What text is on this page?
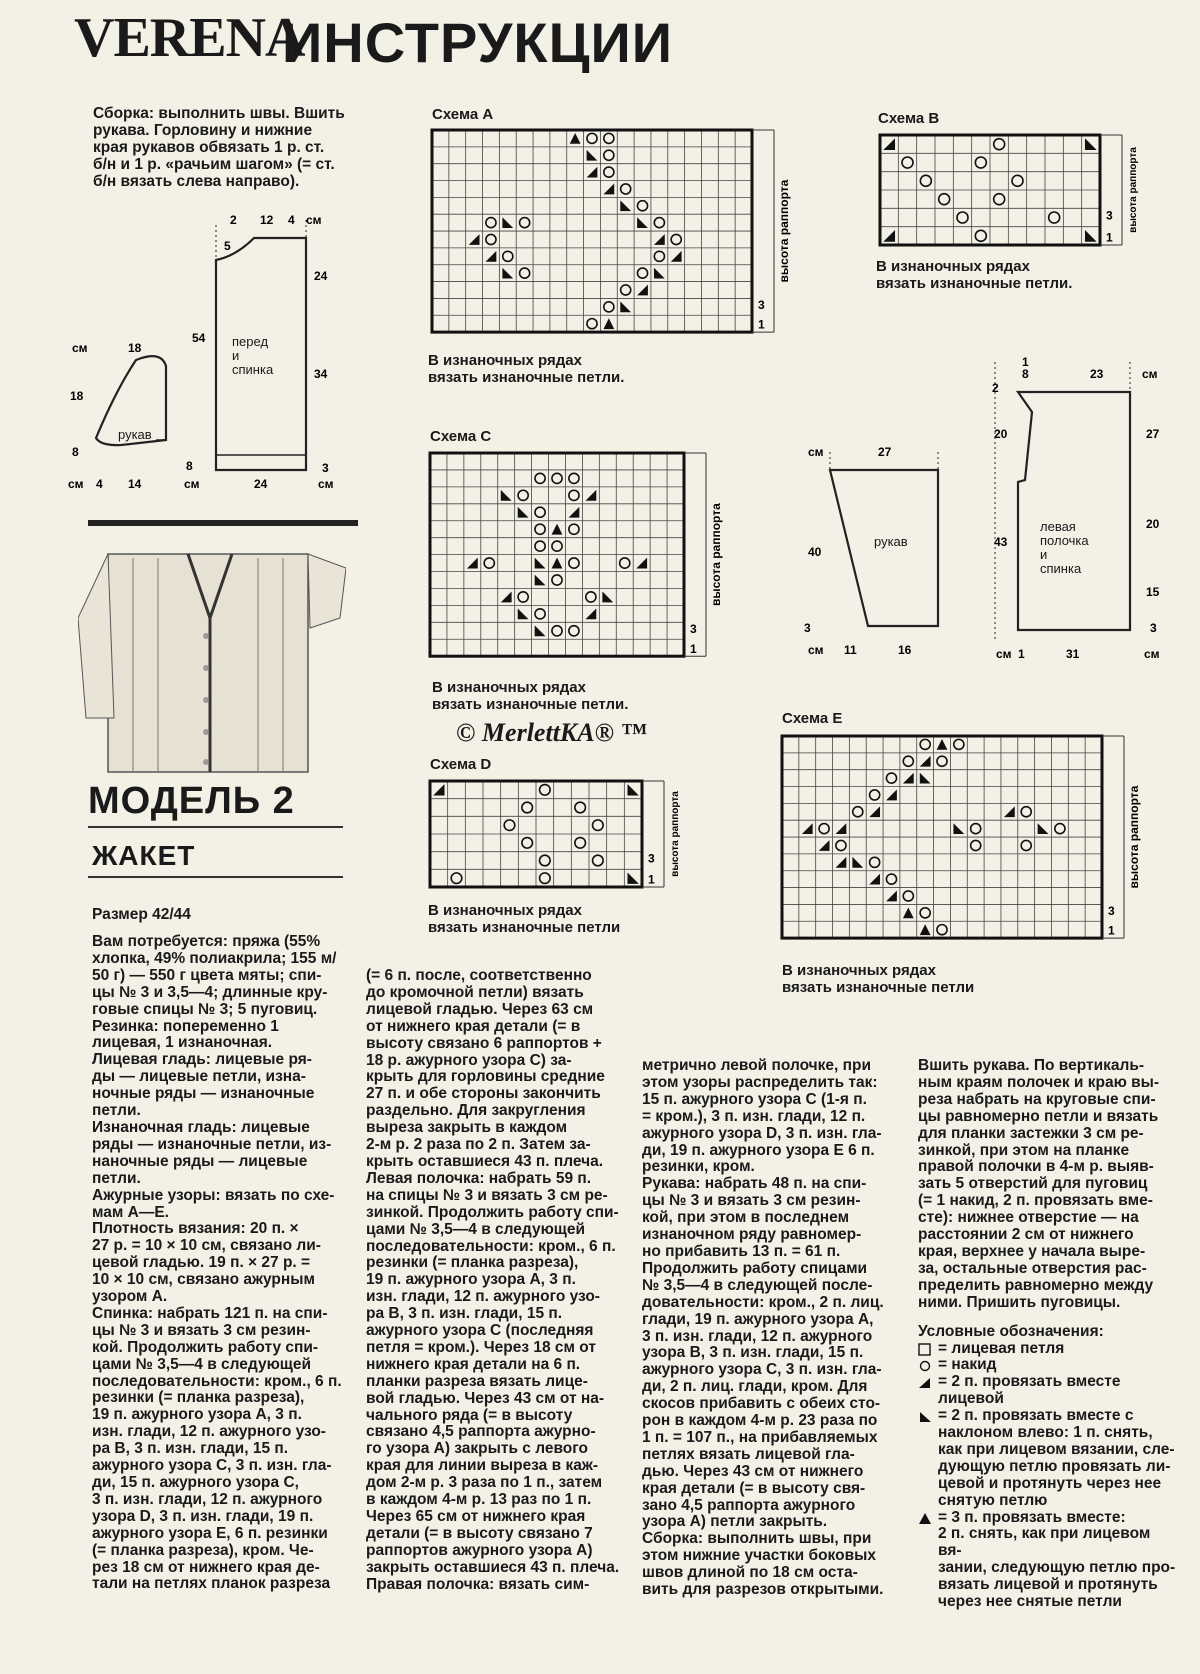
VERENA
ИНСТРУКЦИИ

Сборка: выполнить швы. Вшить
рукава. Горловину и нижние
края рукавов обвязать 1 р. ст.
б/н и 1 р. «рачьим шагом» (= ст.
б/н вязать слева направо).

2
5
8
12 4 см
24
54
34
3
18
см
18
8
см 4 14	см	24	см
перед
и
спинка
рукав
МОДЕЛЬ 2
ЖАКЕТ
Размер 42/44

Вам потребуется: пряжа (55%
хлопка, 49% полиакрила; 155 м/
50 г) — 550 г цвета мяты; спи-
цы № 3 и 3,5—4; длинные кру-
говые спицы № 3; 5 пуговиц.

Резинка: попеременно 1 лицевая, 1 изнаночная.

Лицевая гладь: лицевые ря-
ды — лицевые петли, изна-
ночные ряды — изнаночные
петли.

Изнаночная гладь: лицевые
ряды — изнаночные петли, из-
наночные ряды — лицевые
петли.

Ажурные узоры: вязать по схе-
мам A—E.

Плотность вязания: 20 п. ×
27 р. = 10 × 10 см, связано ли-
цевой гладью. 19 п. × 27 р. =
10 × 10 см, связано ажурным
узором A.

Спинка: набрать 121 п. на спи-
цы № 3 и вязать 3 см резин-
кой. Продолжить работу спи-
цами № 3,5—4 в следующей
последовательности: кром., 6 п.
резинки (= планка разреза),
19 п. ажурного узора A, 3 п.
изн. глади, 12 п. ажурного узо-
ра B, 3 п. изн. глади, 15 п.
ажурного узора C, 3 п. изн. гла-
ди, 15 п. ажурного узора C,
3 п. изн. глади, 12 п. ажурного
узора D, 3 п. изн. глади, 19 п.
ажурного узора E, 6 п. резинки
(= планка разреза), кром. Че-
рез 18 см от нижнего края де-
тали на петлях планок разреза

(= 6 п. после, соответственно
до кромочной петли) вязать
лицевой гладью. Через 63 см
от нижнего края детали (= в
высоту связано 6 раппортов +
18 р. ажурного узора C) за-
крыть для горловины средние
27 п. и обе стороны закончить
раздельно. Для закругления
выреза закрыть в каждом
2-м р. 2 раза по 2 п. Затем за-
крыть оставшиеся 43 п. плеча.

Левая полочка: набрать 59 п.
на спицы № 3 и вязать 3 см ре-
зинкой. Продолжить работу спи-
цами № 3,5—4 в следующей
последовательности: кром., 6 п.
резинки (= планка разреза),
19 п. ажурного узора A, 3 п.
изн. глади, 12 п. ажурного узо-
ра B, 3 п. изн. глади, 15 п.
ажурного узора C (последняя
петля = кром.). Через 18 см от
нижнего края детали на 6 п.
планки разреза вязать лице-
вой гладью. Через 43 см от на-
чального ряда (= в высоту
связано 4,5 раппорта ажурно-
го узора A) закрыть с левого
края для линии выреза в каж-
дом 2-м р. 3 раза по 1 п., затем
в каждом 4-м р. 13 раз по 1 п.
Через 65 см от нижнего края
детали (= в высоту связано 7
раппортов ажурного узора A)
закрыть оставшиеся 43 п. плеча.

Правая полочка: вязать сим-

метрично левой полочке, при
этом узоры распределить так:
15 п. ажурного узора C (1-я п.
= кром.), 3 п. изн. глади, 12 п.
ажурного узора D, 3 п. изн. гла-
ди, 19 п. ажурного узора E 6 п.
резинки, кром.

Рукава: набрать 48 п. на спи-
цы № 3 и вязать 3 см резин-
кой, при этом в последнем
изнаночном ряду равномер-
но прибавить 13 п. = 61 п.
Продолжить работу спицами
№ 3,5—4 в следующей после-
довательности: кром., 2 п. лиц.
глади, 19 п. ажурного узора A,
3 п. изн. глади, 12 п. ажурного
узора B, 3 п. изн. глади, 15 п.
ажурного узора C, 3 п. изн. гла-
ди, 2 п. лиц. глади, кром. Для
скосов прибавить с обеих сто-
рон в каждом 4-м р. 23 раза по
1 п. = 107 п., на прибавляемых
петлях вязать лицевой гла-
дью. Через 43 см от нижнего
края детали (= в высоту свя-
зано 4,5 раппорта ажурного
узора A) петли закрыть.

Сборка: выполнить швы, при
этом нижние участки боковых
швов длиной по 18 см оста-
вить для разрезов открытыми.

Вшить рукава. По вертикаль-
ным краям полочек и краю вы-
реза набрать на круговые спи-
цы равномерно петли и вязать
для планки застежки 3 см ре-
зинкой, при этом на планке
правой полочки в 4-м р. выяв-
зать 5 отверстий для пуговиц
(= 1 накид, 2 п. провязать вме-
сте): нижнее отверстие — на
расстоянии 2 см от нижнего
края, верхнее у начала выре-
за, остальные отверстия рас-
пределить равномерно между
ними. Пришить пуговицы.

Условные обозначения:

= лицевая петля
= накид
= 2 п. провязать вместе
лицевой
= 2 п. провязать вместе с
наклоном влево: 1 п. снять,
как при лицевом вязании, сле-
дующую петлю провязать ли-
цевой и протянуть через нее
снятую петлю
= 3 п. провязать вместе:
2 п. снять, как при лицевом вя-
зании, следующую петлю про-
вязать лицевой и протянуть
через нее снятые петли
Схема A
высота раппорта
3
1
В изнаночных рядах
вязать изнаночные петли.
Схема B
высота раппорта
3
1
В изнаночных рядах
вязать изнаночные петли.
Схема C
высота раппорта
3
1
В изнаночных рядах
вязать изнаночные петли.
Схема D
высота раппорта
3
1
В изнаночных рядах
вязать изнаночные петли
Схема E
высота раппорта
3
1
В изнаночных рядах
вязать изнаночные петли
© MerlettKA® ™
1
8	23	см
2
20	27
20
43
15
3
см	31	см
1
см	27
40
3
см 11	16
левая
полочка
и
спинка
рукав
